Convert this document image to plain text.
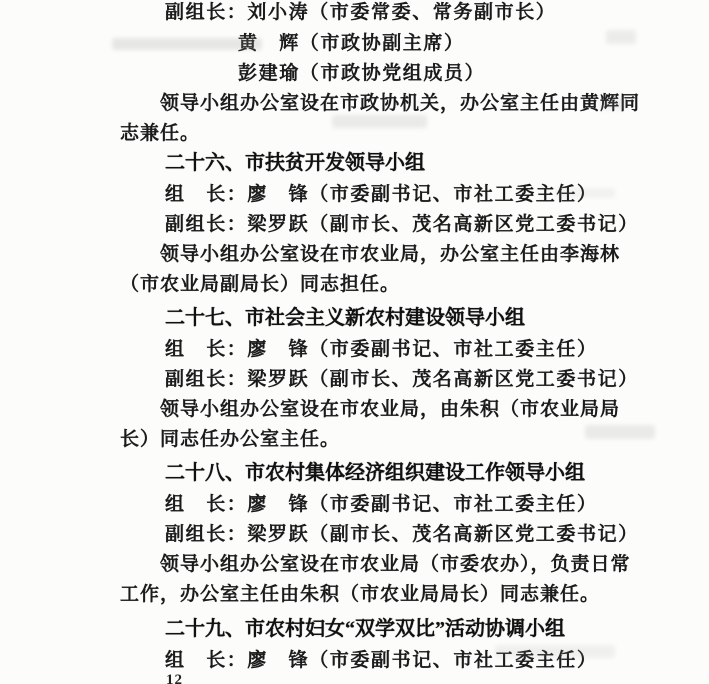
副组长：刘小涛（市委常委、常务副市长）
黄　辉（市政协副主席）
彭建瑜（市政协党组成员）
领导小组办公室设在市政协机关，办公室主任由黄辉同
志兼任。
二十六、市扶贫开发领导小组
组　长：廖　锋（市委副书记、市社工委主任）
副组长：梁罗跃（副市长、茂名高新区党工委书记）
领导小组办公室设在市农业局，办公室主任由李海林
（市农业局副局长）同志担任。
二十七、市社会主义新农村建设领导小组
组　长：廖　锋（市委副书记、市社工委主任）
副组长：梁罗跃（副市长、茂名高新区党工委书记）
领导小组办公室设在市农业局，由朱积（市农业局局
长）同志任办公室主任。
二十八、市农村集体经济组织建设工作领导小组
组　长：廖　锋（市委副书记、市社工委主任）
副组长：梁罗跃（副市长、茂名高新区党工委书记）
领导小组办公室设在市农业局（市委农办），负责日常
工作，办公室主任由朱积（市农业局局长）同志兼任。
二十九、市农村妇女“双学双比”活动协调小组
组　长：廖　锋（市委副书记、市社工委主任）
12
